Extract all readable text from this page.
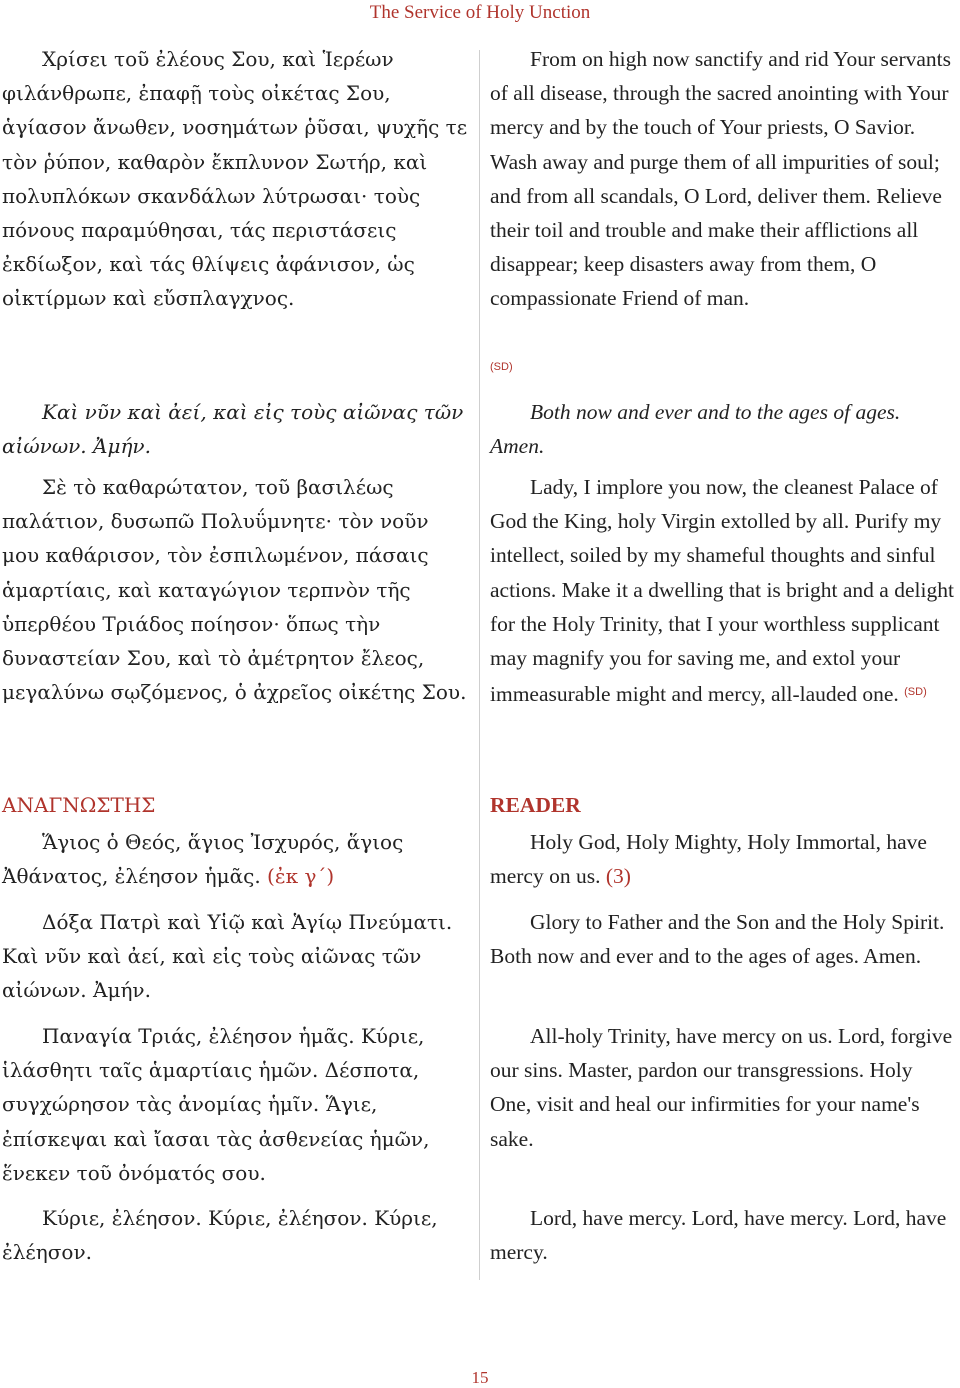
The Service of Holy Unction

Χρίσει τοῦ ἐλέους Σου, καὶ Ἱερέων φιλάνθρωπε, ἐπαφῇ τοὺς οἰκέτας Σου, ἁγίασον ἄνωθεν, νοσημάτων ῥῦσαι, ψυχῆς τε τὸν ῥύπον, καθαρὸν ἔκπλυνον Σωτήρ, καὶ πολυπλόκων σκανδάλων λύτρωσαι· τοὺς πόνους παραμύθησαι, τάς περιστάσεις ἐκδίωξον, καὶ τάς θλίψεις ἀφάνισον, ὡς οἰκτίρμων καὶ εὔσπλαγχνος.

Καὶ νῦν καὶ ἀεί, καὶ εἰς τοὺς αἰῶνας τῶν αἰώνων. Ἀμήν.

Σὲ τὸ καθαρώτατον, τοῦ βασιλέως παλάτιον, δυσωπῶ Πολυΰμνητε· τὸν νοῦν μου καθάρισον, τὸν ἐσπιλωμένον, πάσαις ἁμαρτίαις, καὶ καταγώγιον τερπνὸν τῆς ὑπερθέου Τριάδος ποίησον· ὅπως τὴν δυναστείαν Σου, καὶ τὸ ἀμέτρητον ἔλεος, μεγαλύνω σῳζόμενος, ὁ ἀχρεῖος οἰκέτης Σου.

ΑΝΑΓΝΩΣΤΗΣ

Ἅγιος ὁ Θεός, ἅγιος Ἰσχυρός, ἅγιος Ἀθάνατος, ἐλέησον ἡμᾶς. (ἐκ γ΄)

Δόξα Πατρὶ καὶ Υἱῷ καὶ Ἁγίῳ Πνεύματι. Καὶ νῦν καὶ ἀεί, καὶ εἰς τοὺς αἰῶνας τῶν αἰώνων. Ἀμήν.

Παναγία Τριάς, ἐλέησον ἡμᾶς. Κύριε, ἱλάσθητι ταῖς ἁμαρτίαις ἡμῶν. Δέσποτα, συγχώρησον τὰς ἀνομίας ἡμῖν. Ἅγιε, ἐπίσκεψαι καὶ ἴασαι τὰς ἀσθενείας ἡμῶν, ἕνεκεν τοῦ ὀνόματός σου.

Κύριε, ἐλέησον. Κύριε, ἐλέησον. Κύριε, ἐλέησον.

From on high now sanctify and rid Your servants of all disease, through the sacred anointing with Your mercy and by the touch of Your priests, O Savior. Wash away and purge them of all impurities of soul; and from all scandals, O Lord, deliver them. Relieve their toil and trouble and make their afflictions all disappear; keep disasters away from them, O compassionate Friend of man.

(SD)

Both now and ever and to the ages of ages. Amen.

Lady, I implore you now, the cleanest Palace of God the King, holy Virgin extolled by all. Purify my intellect, soiled by my shameful thoughts and sinful actions. Make it a dwelling that is bright and a delight for the Holy Trinity, that I your worthless supplicant may magnify you for saving me, and extol your immeasurable might and mercy, all-lauded one. $^{(SD)}$

READER

Holy God, Holy Mighty, Holy Immortal, have mercy on us. (3)

Glory to Father and the Son and the Holy Spirit. Both now and ever and to the ages of ages. Amen.

All-holy Trinity, have mercy on us. Lord, forgive our sins. Master, pardon our transgressions. Holy One, visit and heal our infirmities for your name's sake.

Lord, have mercy. Lord, have mercy. Lord, have mercy.

15
